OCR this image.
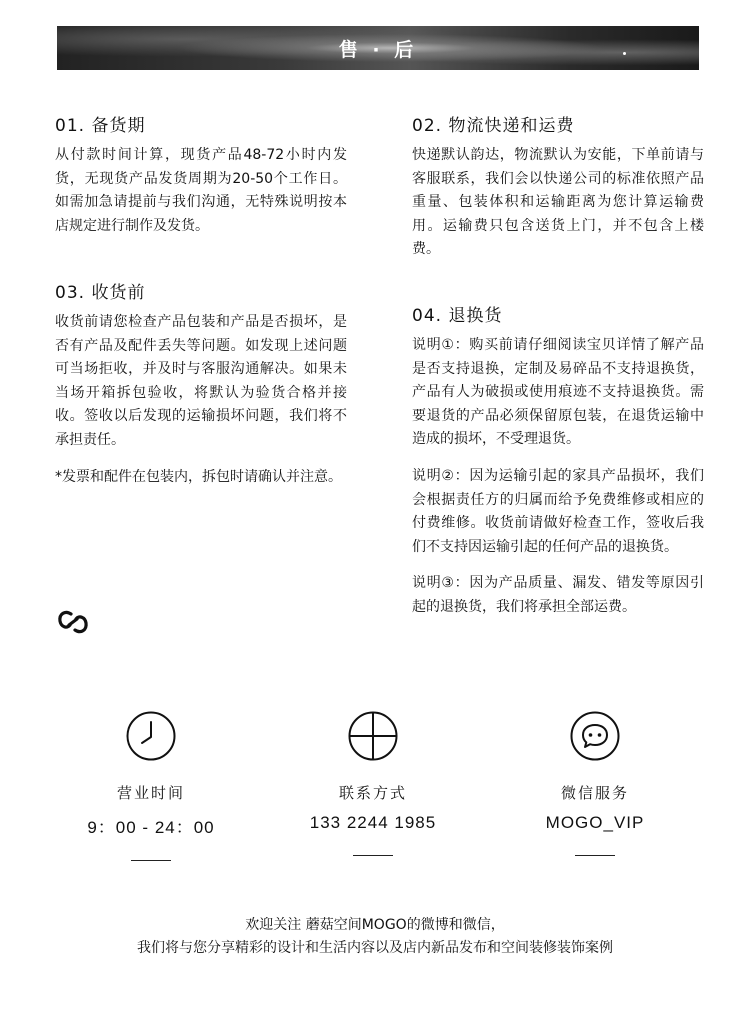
售 · 后
01. 备货期

从付款时间计算，现货产品48-72小时内发货，无现货产品发货周期为20-50个工作日。如需加急请提前与我们沟通，无特殊说明按本店规定进行制作及发货。

02. 物流快递和运费

快递默认韵达，物流默认为安能，下单前请与客服联系，我们会以快递公司的标准依照产品重量、包装体积和运输距离为您计算运输费用。运输费只包含送货上门，并不包含上楼费。

03. 收货前

收货前请您检查产品包装和产品是否损坏，是否有产品及配件丢失等问题。如发现上述问题可当场拒收，并及时与客服沟通解决。如果未当场开箱拆包验收，将默认为验货合格并接收。签收以后发现的运输损坏问题，我们将不承担责任。

*发票和配件在包装内，拆包时请确认并注意。

04. 退换货

说明①：购买前请仔细阅读宝贝详情了解产品是否支持退换，定制及易碎品不支持退换货，产品有人为破损或使用痕迹不支持退换货。需要退货的产品必须保留原包装，在退货运输中造成的损坏，不受理退货。

说明②：因为运输引起的家具产品损坏，我们会根据责任方的归属而给予免费维修或相应的付费维修。收货前请做好检查工作，签收后我们不支持因运输引起的任何产品的退换货。

说明③：因为产品质量、漏发、错发等原因引起的退换货，我们将承担全部运费。

营业时间
9：00 - 24：00
联系方式
133 2244 1985
微信服务
MOGO_VIP
欢迎关注 蘑菇空间MOGO的微博和微信，
我们将与您分享精彩的设计和生活内容以及店内新品发布和空间装修装饰案例
